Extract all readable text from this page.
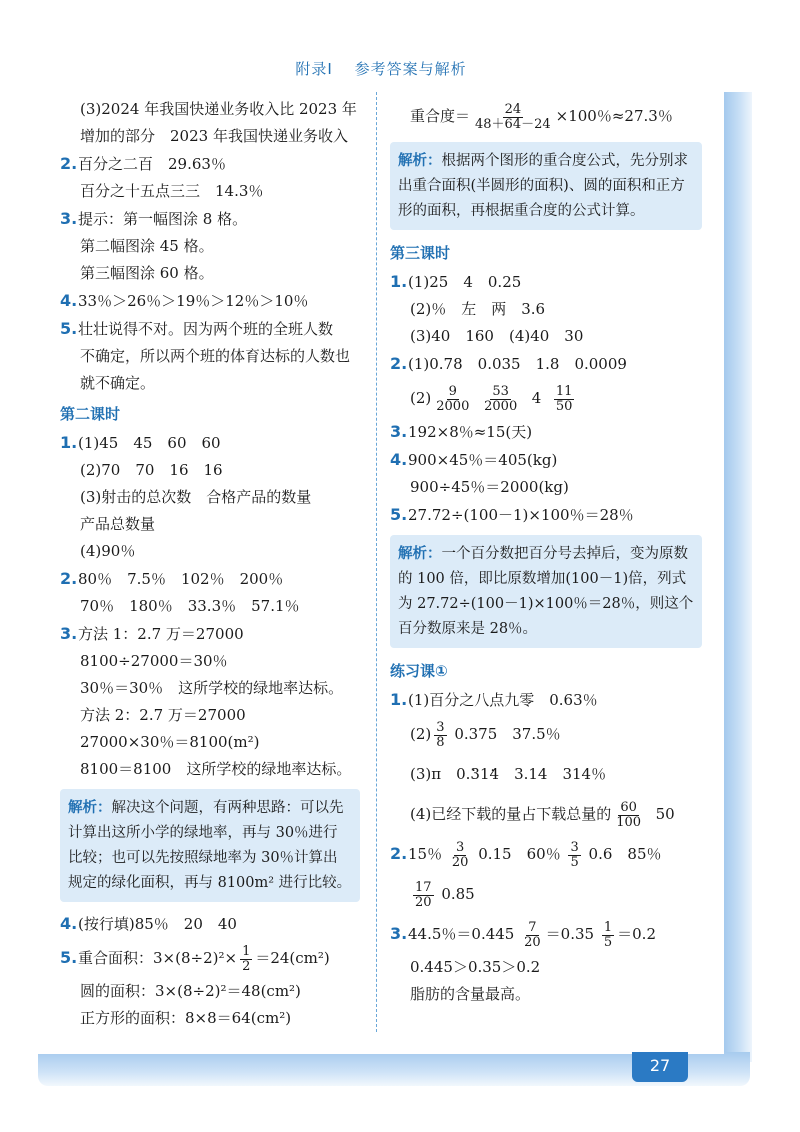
附录Ⅰ 参考答案与解析
(3)2024 年我国快递业务收入比 2023 年
增加的部分　2023 年我国快递业务收入
2.百分之二百　29.63％
百分之十五点三三　14.3％
3.提示：第一幅图涂 8 格。
第二幅图涂 45 格。
第三幅图涂 60 格。
4.33％＞26％＞19％＞12％＞10％
5.壮壮说得不对。因为两个班的全班人数
不确定，所以两个班的体育达标的人数也
就不确定。
第二课时
1.(1)45　45　60　60
(2)70　70　16　16
(3)射击的总次数　合格产品的数量
产品总数量
(4)90％
2.80％　7.5％　102％　200％
70％　180％　33.3％　57.1％
3.方法 1：2.7 万＝27000
8100÷27000＝30％
30％＝30％　这所学校的绿地率达标。
方法 2：2.7 万＝27000
27000×30％＝8100(m²)
8100＝8100　这所学校的绿地率达标。
解析：解决这个问题，有两种思路：可以先计算出这所小学的绿地率，再与 30％进行比较；也可以先按照绿地率为 30％计算出规定的绿化面积，再与 8100m² 进行比较。
4.(按行填)85％　20　40
5.重合面积：$3\times(8\div 2)^2\times \frac{1}{2} =24(cm^2)$
圆的面积：3×(8÷2)²＝48(cm²)
正方形的面积：8×8＝64(cm²)
重合度＝ $\frac{24}{48+64-24} \times 100$％≈27.3％
解析：根据两个图形的重合度公式，先分别求出重合面积(半圆形的面积)、圆的面积和正方形的面积，再根据重合度的公式计算。
第三课时
1.(1)25　4　0.25
(2)％　左　两　3.6
(3)40　160　(4)40　30
2.(1)0.78　0.035　1.8　0.0009
$(2) \frac{9}{2000}$
$\frac{53}{2000} 4 \frac{11}{50}$
3.192×8％≈15(天)
4.900×45％＝405(kg)
900÷45％＝2000(kg)
5.27.72÷(100－1)×100％＝28％
解析：一个百分数把百分号去掉后，变为原数的 100 倍，即比原数增加(100－1)倍，列式为 27.72÷(100－1)×100％＝28％，则这个百分数原来是 28％。
练习课①
1.(1)百分之八点九零　0.63％
$(2) \frac{3}{8} 0.375$　37.5％
(3)π　0.· 31· 4　3.14　314％
(4)已经下载的量占下载总量的 $\frac{60}{100} 50$
2.15％ $\frac{3}{20} 0.15$　60％ $\frac{3}{5} 0.6$　85％
$\frac{17}{20} 0.85$
3.44.5％$=0.445 \frac{7}{20} =0.35 \frac{1}{5} =0.2$
0.445＞0.35＞0.2
脂肪的含量最高。
27
